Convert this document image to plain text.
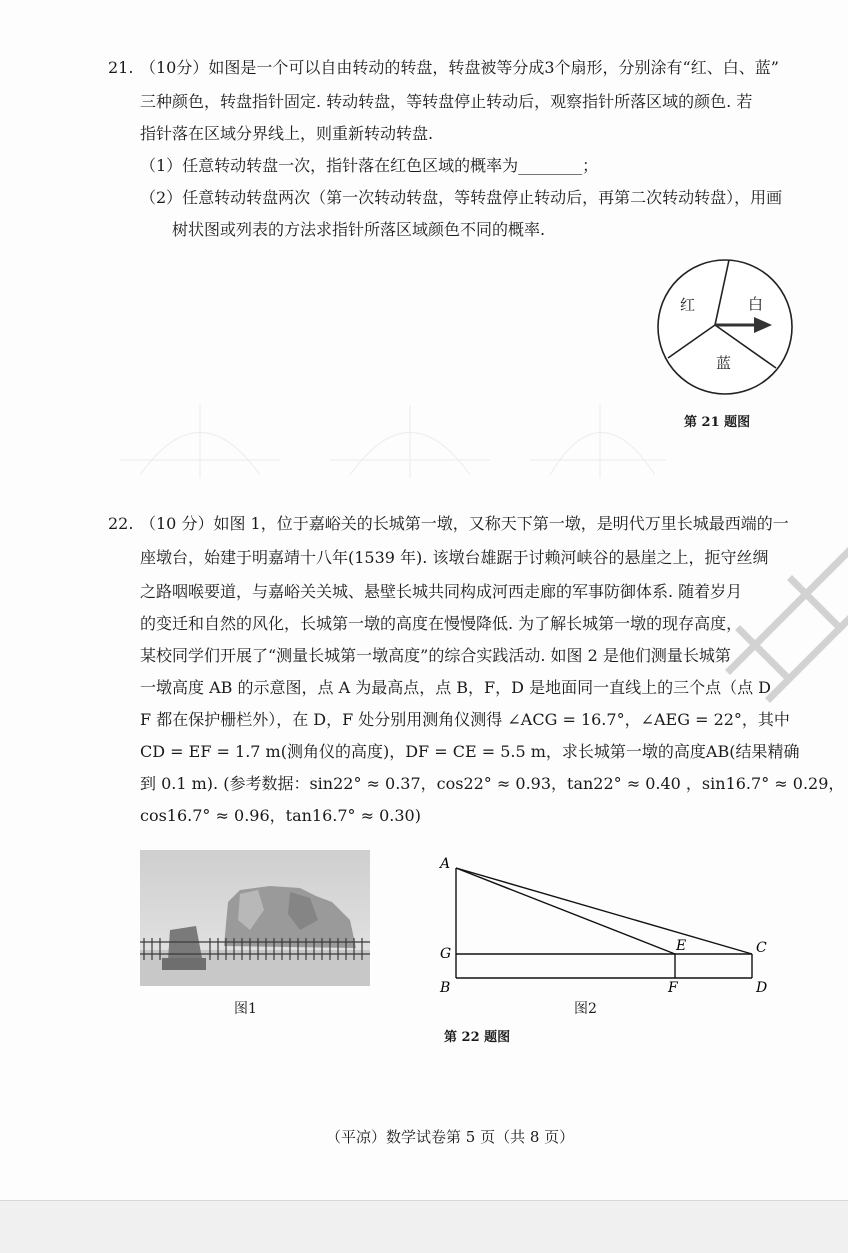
21. （10分）如图是一个可以自由转动的转盘，转盘被等分成3个扇形，分别涂有“红、白、蓝”
三种颜色，转盘指针固定. 转动转盘，等转盘停止转动后，观察指针所落区域的颜色. 若
指针落在区域分界线上，则重新转动转盘.
（1）任意转动转盘一次，指针落在红色区域的概率为________；
（2）任意转动转盘两次（第一次转动转盘，等转盘停止转动后，再第二次转动转盘），用画
树状图或列表的方法求指针所落区域颜色不同的概率.
红	白
蓝
第 21 题图
22. （10 分）如图 1，位于嘉峪关的长城第一墩，又称天下第一墩，是明代万里长城最西端的一
座墩台，始建于明嘉靖十八年(1539 年). 该墩台雄踞于讨赖河峡谷的悬崖之上，扼守丝绸
之路咽喉要道，与嘉峪关关城、悬壁长城共同构成河西走廊的军事防御体系. 随着岁月
的变迁和自然的风化，长城第一墩的高度在慢慢降低. 为了解长城第一墩的现存高度，
某校同学们开展了“测量长城第一墩高度”的综合实践活动. 如图 2 是他们测量长城第
一墩高度 AB 的示意图，点 A 为最高点，点 B，F，D 是地面同一直线上的三个点（点 D，
F 都在保护栅栏外），在 D，F 处分别用测角仪测得 ∠ACG = 16.7°，∠AEG = 22°，其中
CD = EF = 1.7 m(测角仪的高度)，DF = CE = 5.5 m，求长城第一墩的高度AB(结果精确
到 0.1 m). (参考数据：sin22° ≈ 0.37，cos22° ≈ 0.93，tan22° ≈ 0.40 ，sin16.7° ≈ 0.29，
cos16.7° ≈ 0.96，tan16.7° ≈ 0.30)
图1
A
G	E	C
B	F	D
图2
第 22 题图
（平凉）数学试卷第 5 页（共 8 页）
